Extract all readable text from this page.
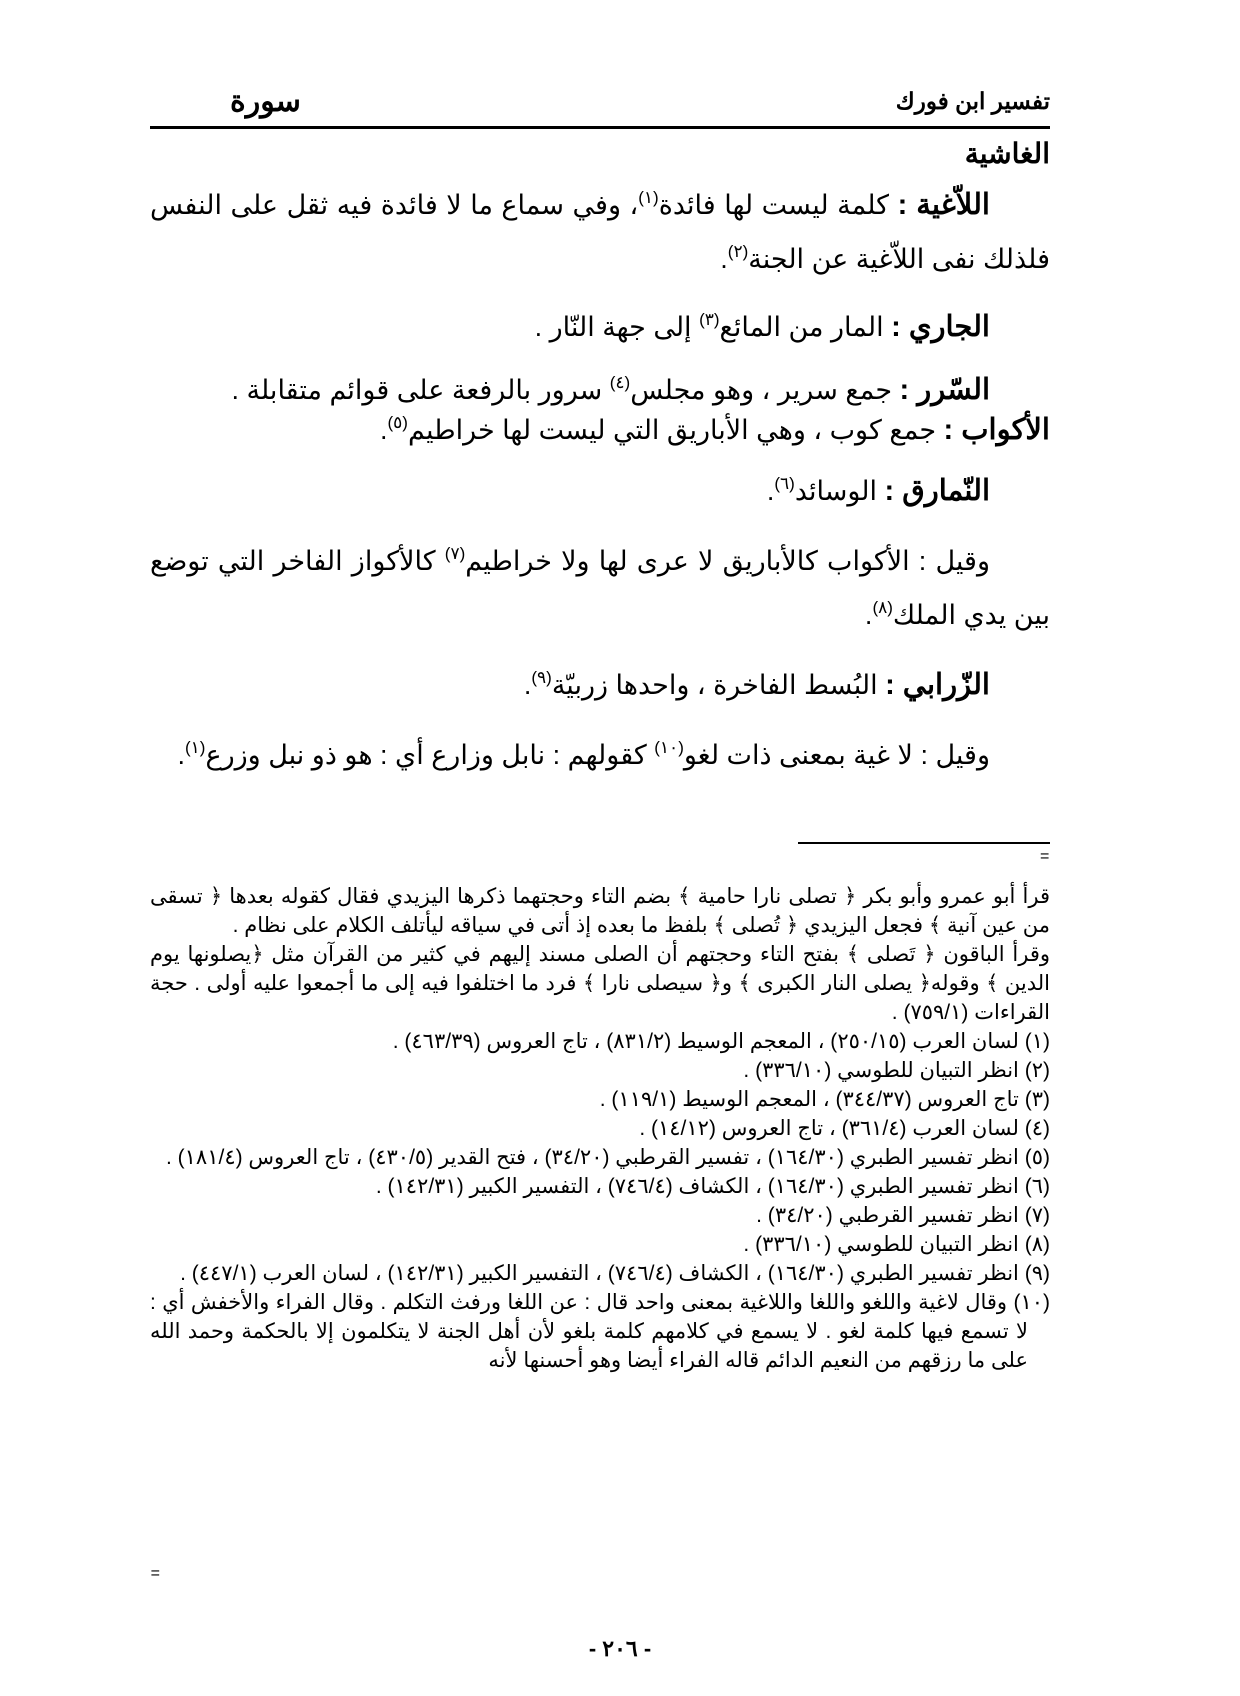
تفسير ابن فورك
سورة
الغاشية

اللاّغية : كلمة ليست لها فائدة$^{(١)}$، وفي سماع ما لا فائدة فيه ثقل على النفس فلذلك نفى اللاّغية عن الجنة$^{(٢)}$.

الجاري : المار من المائع$^{(٣)}$ إلى جهة النّار .

السّرر : جمع سرير ، وهو مجلس$^{(٤)}$ سرور بالرفعة على قوائم متقابلة .

الأكواب : جمع كوب ، وهي الأباريق التي ليست لها خراطيم$^{(٥)}$.

النّمارق : الوسائد$^{(٦)}$.

وقيل : الأكواب كالأباريق لا عرى لها ولا خراطيم$^{(٧)}$ كالأكواز الفاخر التي توضع بين يدي الملك$^{(٨)}$.

الزّرابي : البُسط الفاخرة ، واحدها زربيّة$^{(٩)}$.

وقيل : لا غية بمعنى ذات لغو$^{(١٠)}$ كقولهم : نابل وزارع أي : هو ذو نبل وزرع$^{(١)}$.

=

قرأ أبو عمرو وأبو بكر ﴿ تصلى نارا حامية ﴾ بضم التاء وحجتهما ذكرها اليزيدي فقال كقوله بعدها ﴿ تسقى من عين آنية ﴾ فجعل اليزيدي ﴿ تُصلى ﴾ بلفظ ما بعده إذ أتى في سياقه ليأتلف الكلام على نظام .

وقرأ الباقون ﴿ تَصلى ﴾ بفتح التاء وحجتهم أن الصلى مسند إليهم في كثير من القرآن مثل ﴿يصلونها يوم الدين ﴾ وقوله﴿ يصلى النار الكبرى ﴾ و﴿ سيصلى نارا ﴾ فرد ما اختلفوا فيه إلى ما أجمعوا عليه أولى . حجة القراءات (٧٥٩/١) .

(١) لسان العرب (٢٥٠/١٥) ، المعجم الوسيط (٨٣١/٢) ، تاج العروس (٤٦٣/٣٩) .

(٢) انظر التبيان للطوسي (٣٣٦/١٠) .

(٣) تاج العروس (٣٤٤/٣٧) ، المعجم الوسيط (١١٩/١) .

(٤) لسان العرب (٣٦١/٤) ، تاج العروس (١٤/١٢) .

(٥) انظر تفسير الطبري (١٦٤/٣٠) ، تفسير القرطبي (٣٤/٢٠) ، فتح القدير (٤٣٠/٥) ، تاج العروس (١٨١/٤) .

(٦) انظر تفسير الطبري (١٦٤/٣٠) ، الكشاف (٧٤٦/٤) ، التفسير الكبير (١٤٢/٣١) .

(٧) انظر تفسير القرطبي (٣٤/٢٠) .

(٨) انظر التبيان للطوسي (٣٣٦/١٠) .

(٩) انظر تفسير الطبري (١٦٤/٣٠) ، الكشاف (٧٤٦/٤) ، التفسير الكبير (١٤٢/٣١) ، لسان العرب (٤٤٧/١) .

(١٠) وقال لاغية واللغو واللغا واللاغية بمعنى واحد قال : عن اللغا ورفث التكلم . وقال الفراء والأخفش أي : لا تسمع فيها كلمة لغو . لا يسمع في كلامهم كلمة بلغو لأن أهل الجنة لا يتكلمون إلا بالحكمة وحمد الله على ما رزقهم من النعيم الدائم قاله الفراء أيضا وهو أحسنها لأنه

=
- ٢٠٦ -
